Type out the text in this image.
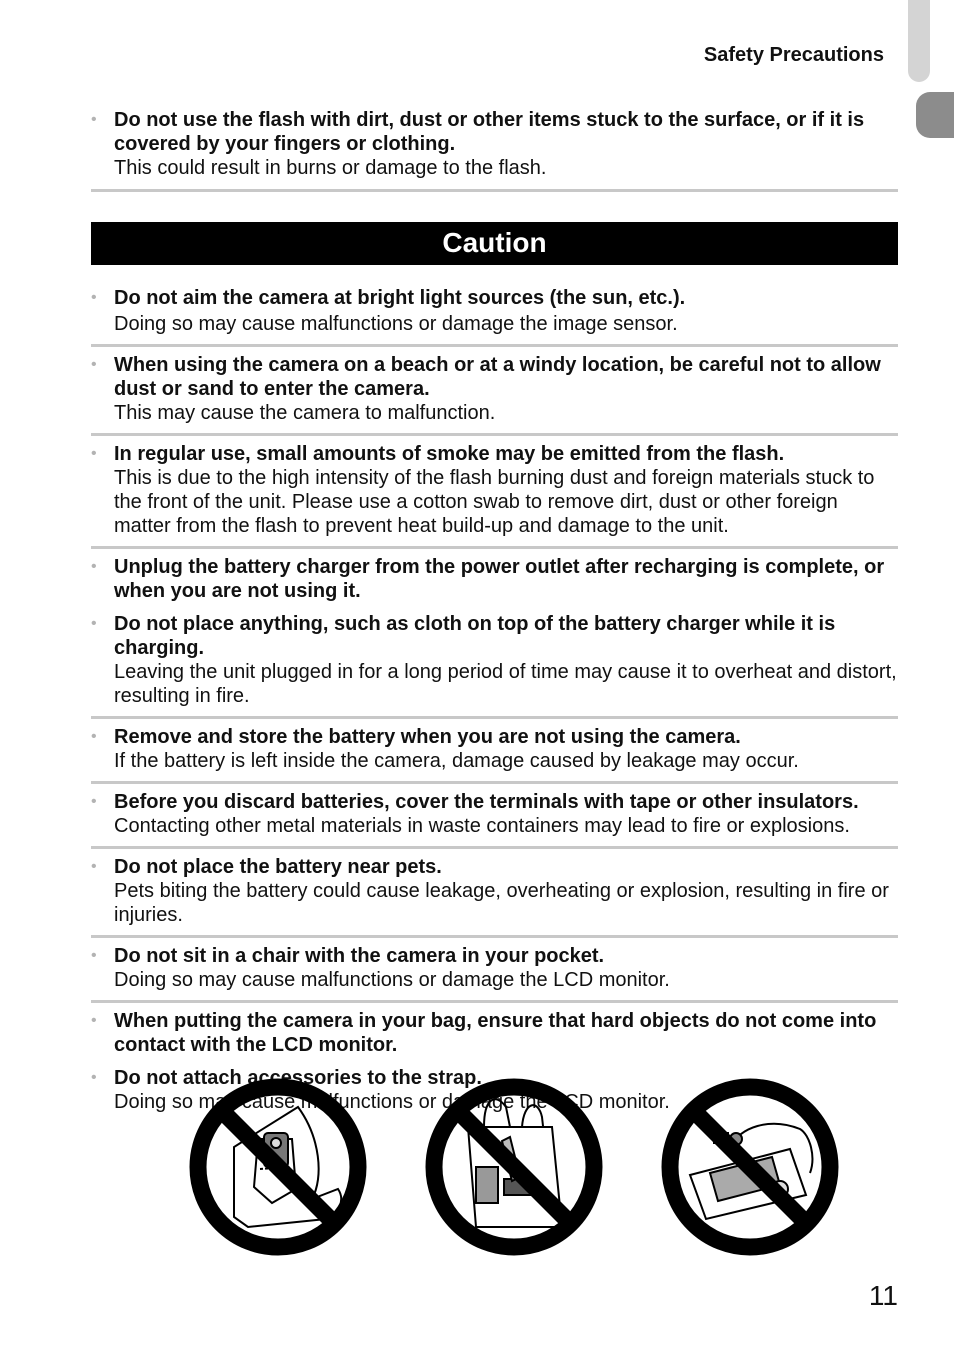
Safety Precautions
• Do not use the flash with dirt, dust or other items stuck to the surface, or if it is covered by your fingers or clothing.
This could result in burns or damage to the flash.
Caution
• Do not aim the camera at bright light sources (the sun, etc.).
Doing so may cause malfunctions or damage the image sensor.
• When using the camera on a beach or at a windy location, be careful not to allow dust or sand to enter the camera.
This may cause the camera to malfunction.
• In regular use, small amounts of smoke may be emitted from the flash.
This is due to the high intensity of the flash burning dust and foreign materials stuck to the front of the unit. Please use a cotton swab to remove dirt, dust or other foreign matter from the flash to prevent heat build-up and damage to the unit.
• Unplug the battery charger from the power outlet after recharging is complete, or when you are not using it.
• Do not place anything, such as cloth on top of the battery charger while it is charging.
Leaving the unit plugged in for a long period of time may cause it to overheat and distort, resulting in fire.
• Remove and store the battery when you are not using the camera.
If the battery is left inside the camera, damage caused by leakage may occur.
• Before you discard batteries, cover the terminals with tape or other insulators.
Contacting other metal materials in waste containers may lead to fire or explosions.
• Do not place the battery near pets.
Pets biting the battery could cause leakage, overheating or explosion, resulting in fire or injuries.
• Do not sit in a chair with the camera in your pocket.
Doing so may cause malfunctions or damage the LCD monitor.
• When putting the camera in your bag, ensure that hard objects do not come into contact with the LCD monitor.
• Do not attach accessories to the strap.
Doing so may cause malfunctions or damage the LCD monitor.
11
